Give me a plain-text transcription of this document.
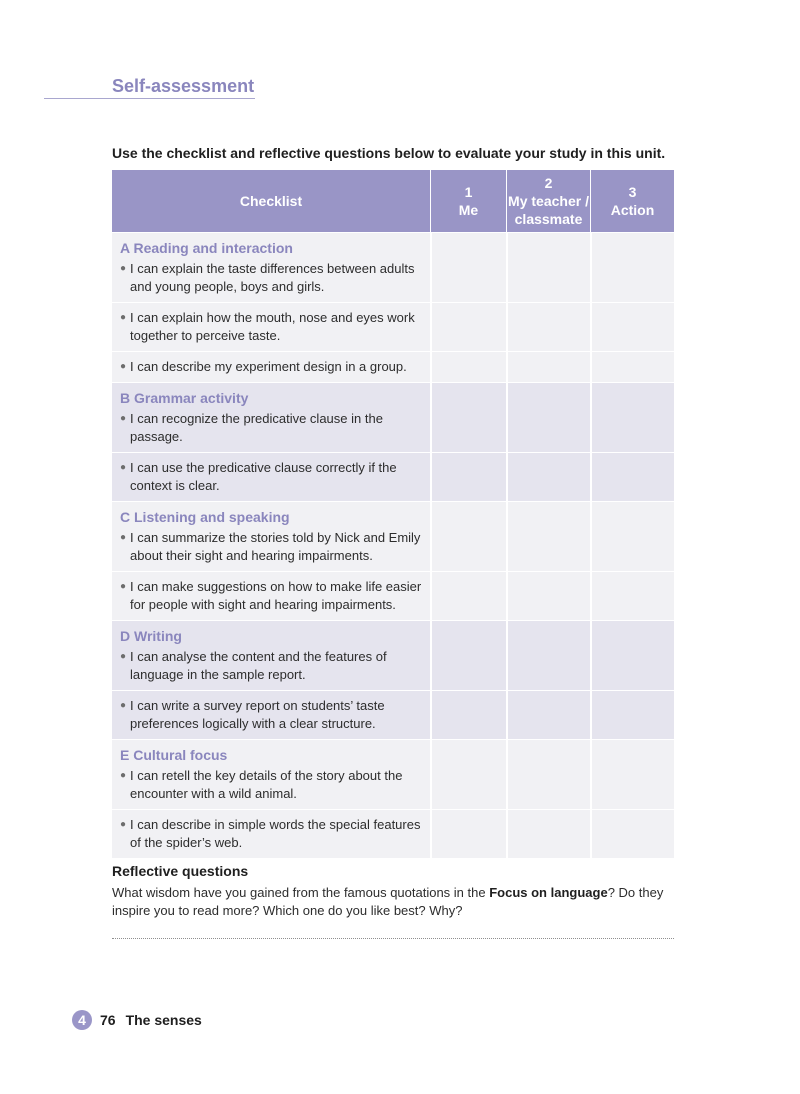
Self-assessment
Use the checklist and reflective questions below to evaluate your study in this unit.
Checklist
1
Me
2
My teacher /
classmate
3
Action
A Reading and interaction
● I can explain the taste differences between adults and young people, boys and girls.
● I can explain how the mouth, nose and eyes work together to perceive taste.
● I can describe my experiment design in a group.
B Grammar activity
● I can recognize the predicative clause in the passage.
● I can use the predicative clause correctly if the context is clear.
C Listening and speaking
● I can summarize the stories told by Nick and Emily about their sight and hearing impairments.
● I can make suggestions on how to make life easier for people with sight and hearing impairments.
D Writing
● I can analyse the content and the features of language in the sample report.
● I can write a survey report on students’ taste preferences logically with a clear structure.
E Cultural focus
● I can retell the key details of the story about the encounter with a wild animal.
● I can describe in simple words the special features of the spider’s web.
Reflective questions
What wisdom have you gained from the famous quotations in the Focus on language? Do they inspire you to read more? Which one do you like best? Why?
4	76 The senses
